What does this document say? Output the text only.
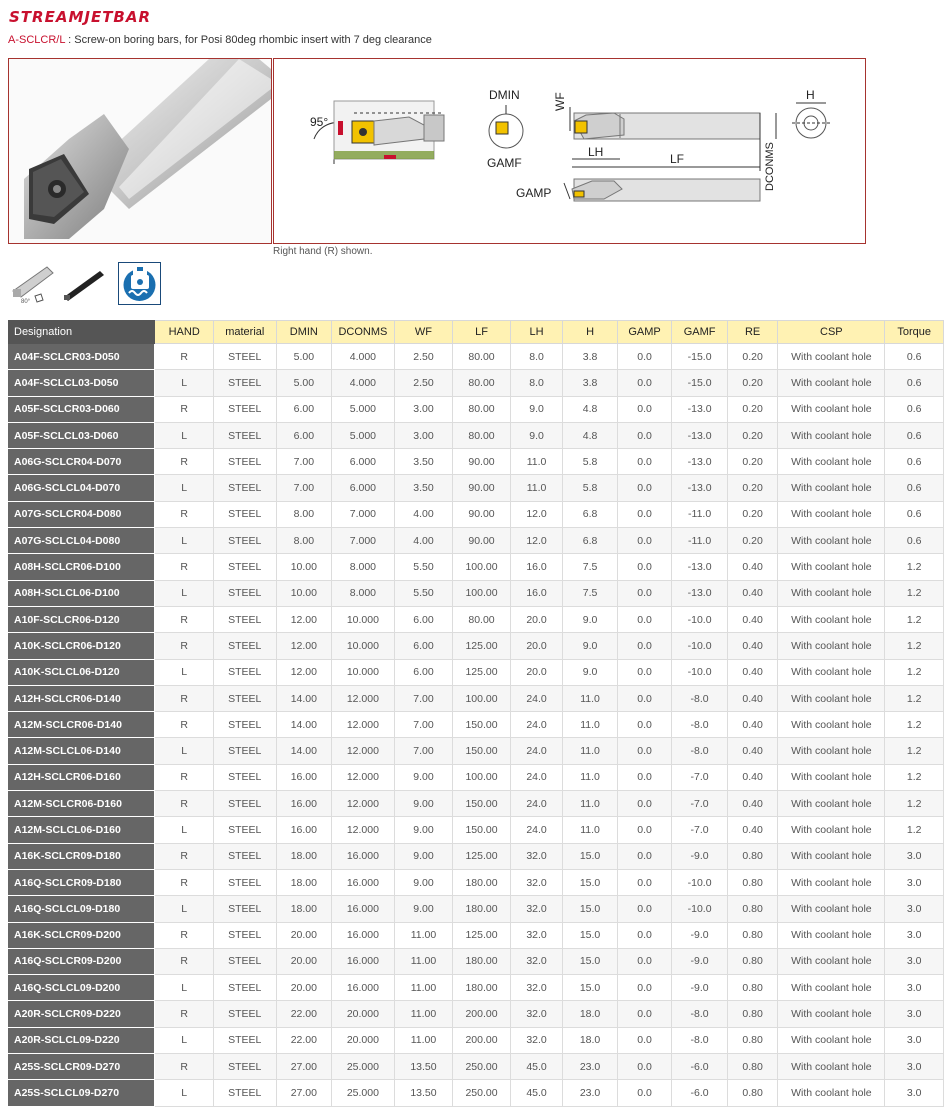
STREAMJETBAR
A-SCLCR/L : Screw-on boring bars, for Posi 80deg rhombic insert with 7 deg clearance
95°
DMIN
GAMF
WF
LH	LF	DCONMS
H
GAMP
Right hand (R) shown.
80°
Designation	HAND	material	DMIN	DCONMS	WF	LF	LH	H	GAMP	GAMF	RE	CSP	Torque
A04F-SCLCR03-D050	R	STEEL	5.00	4.000	2.50	80.00	8.0	3.8	0.0	-15.0	0.20	With coolant hole	0.6
A04F-SCLCL03-D050	L	STEEL	5.00	4.000	2.50	80.00	8.0	3.8	0.0	-15.0	0.20	With coolant hole	0.6
A05F-SCLCR03-D060	R	STEEL	6.00	5.000	3.00	80.00	9.0	4.8	0.0	-13.0	0.20	With coolant hole	0.6
A05F-SCLCL03-D060	L	STEEL	6.00	5.000	3.00	80.00	9.0	4.8	0.0	-13.0	0.20	With coolant hole	0.6
A06G-SCLCR04-D070	R	STEEL	7.00	6.000	3.50	90.00	11.0	5.8	0.0	-13.0	0.20	With coolant hole	0.6
A06G-SCLCL04-D070	L	STEEL	7.00	6.000	3.50	90.00	11.0	5.8	0.0	-13.0	0.20	With coolant hole	0.6
A07G-SCLCR04-D080	R	STEEL	8.00	7.000	4.00	90.00	12.0	6.8	0.0	-11.0	0.20	With coolant hole	0.6
A07G-SCLCL04-D080	L	STEEL	8.00	7.000	4.00	90.00	12.0	6.8	0.0	-11.0	0.20	With coolant hole	0.6
A08H-SCLCR06-D100	R	STEEL	10.00	8.000	5.50	100.00	16.0	7.5	0.0	-13.0	0.40	With coolant hole	1.2
A08H-SCLCL06-D100	L	STEEL	10.00	8.000	5.50	100.00	16.0	7.5	0.0	-13.0	0.40	With coolant hole	1.2
A10F-SCLCR06-D120	R	STEEL	12.00	10.000	6.00	80.00	20.0	9.0	0.0	-10.0	0.40	With coolant hole	1.2
A10K-SCLCR06-D120	R	STEEL	12.00	10.000	6.00	125.00	20.0	9.0	0.0	-10.0	0.40	With coolant hole	1.2
A10K-SCLCL06-D120	L	STEEL	12.00	10.000	6.00	125.00	20.0	9.0	0.0	-10.0	0.40	With coolant hole	1.2
A12H-SCLCR06-D140	R	STEEL	14.00	12.000	7.00	100.00	24.0	11.0	0.0	-8.0	0.40	With coolant hole	1.2
A12M-SCLCR06-D140	R	STEEL	14.00	12.000	7.00	150.00	24.0	11.0	0.0	-8.0	0.40	With coolant hole	1.2
A12M-SCLCL06-D140	L	STEEL	14.00	12.000	7.00	150.00	24.0	11.0	0.0	-8.0	0.40	With coolant hole	1.2
A12H-SCLCR06-D160	R	STEEL	16.00	12.000	9.00	100.00	24.0	11.0	0.0	-7.0	0.40	With coolant hole	1.2
A12M-SCLCR06-D160	R	STEEL	16.00	12.000	9.00	150.00	24.0	11.0	0.0	-7.0	0.40	With coolant hole	1.2
A12M-SCLCL06-D160	L	STEEL	16.00	12.000	9.00	150.00	24.0	11.0	0.0	-7.0	0.40	With coolant hole	1.2
A16K-SCLCR09-D180	R	STEEL	18.00	16.000	9.00	125.00	32.0	15.0	0.0	-9.0	0.80	With coolant hole	3.0
A16Q-SCLCR09-D180	R	STEEL	18.00	16.000	9.00	180.00	32.0	15.0	0.0	-10.0	0.80	With coolant hole	3.0
A16Q-SCLCL09-D180	L	STEEL	18.00	16.000	9.00	180.00	32.0	15.0	0.0	-10.0	0.80	With coolant hole	3.0
A16K-SCLCR09-D200	R	STEEL	20.00	16.000	11.00	125.00	32.0	15.0	0.0	-9.0	0.80	With coolant hole	3.0
A16Q-SCLCR09-D200	R	STEEL	20.00	16.000	11.00	180.00	32.0	15.0	0.0	-9.0	0.80	With coolant hole	3.0
A16Q-SCLCL09-D200	L	STEEL	20.00	16.000	11.00	180.00	32.0	15.0	0.0	-9.0	0.80	With coolant hole	3.0
A20R-SCLCR09-D220	R	STEEL	22.00	20.000	11.00	200.00	32.0	18.0	0.0	-8.0	0.80	With coolant hole	3.0
A20R-SCLCL09-D220	L	STEEL	22.00	20.000	11.00	200.00	32.0	18.0	0.0	-8.0	0.80	With coolant hole	3.0
A25S-SCLCR09-D270	R	STEEL	27.00	25.000	13.50	250.00	45.0	23.0	0.0	-6.0	0.80	With coolant hole	3.0
A25S-SCLCL09-D270	L	STEEL	27.00	25.000	13.50	250.00	45.0	23.0	0.0	-6.0	0.80	With coolant hole	3.0
